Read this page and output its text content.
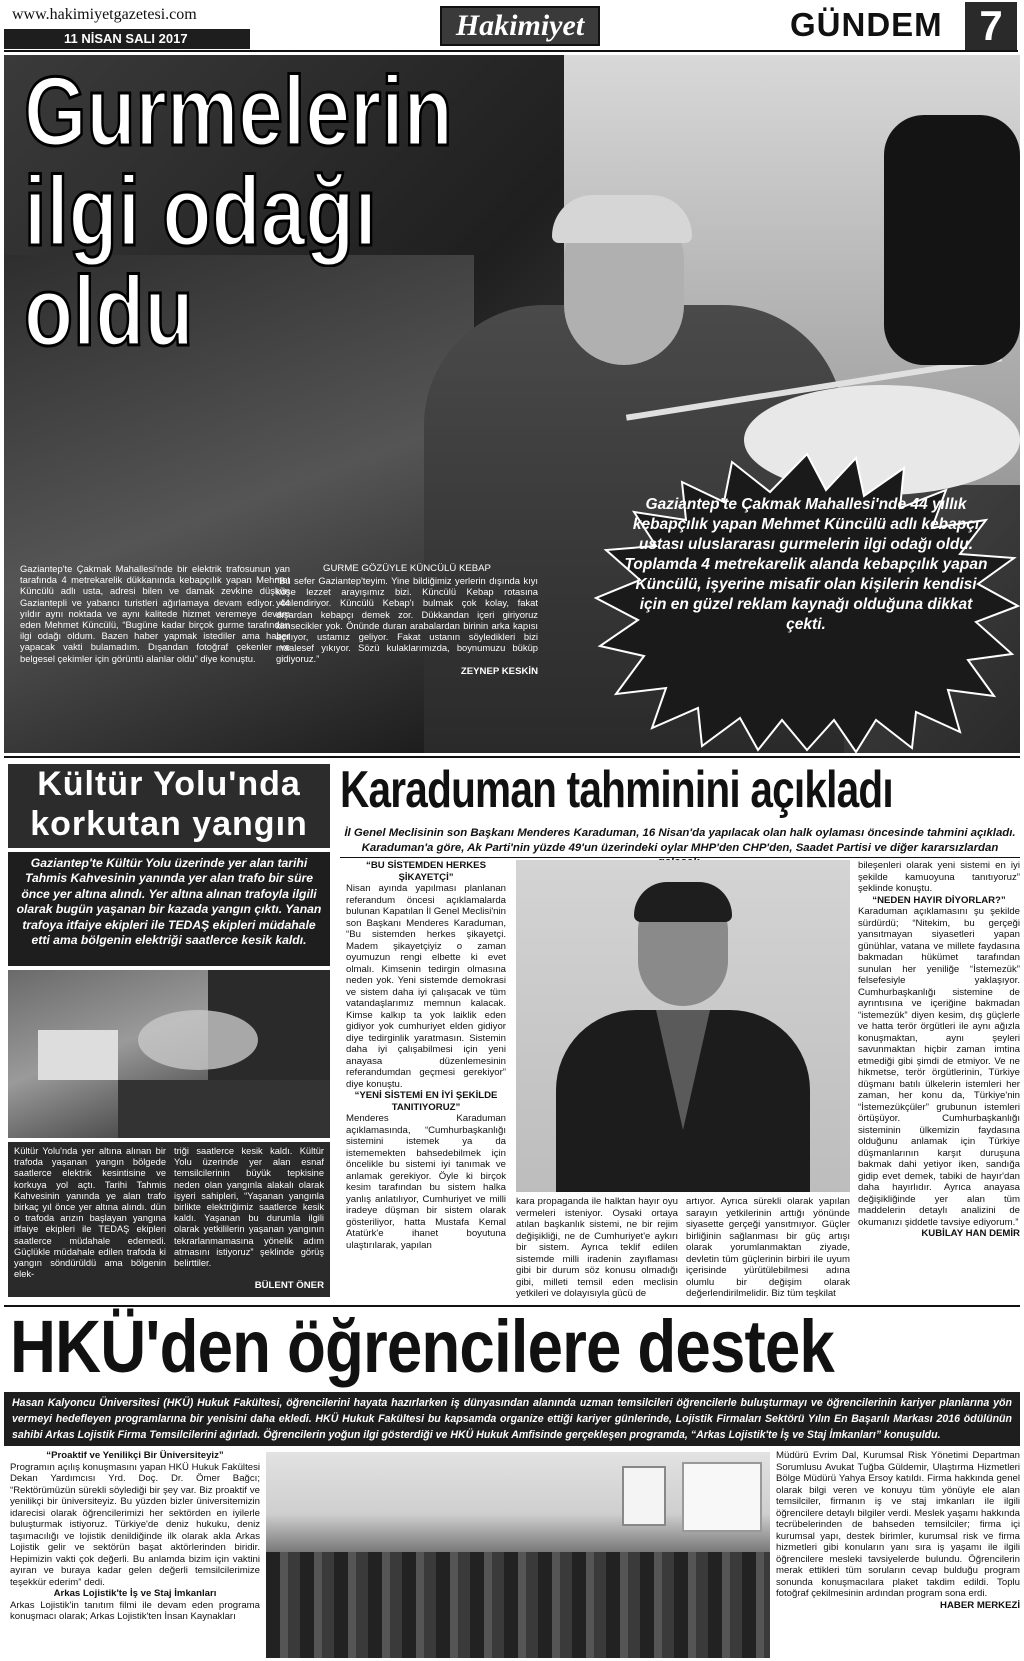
www.hakimiyetgazetesi.com
11 NİSAN SALI 2017	Hakimiyet	GÜNDEM 7
Gurmelerin
ilgi odağı
oldu
Gaziantep'te Çakmak Mahallesi'nde 44 yıllık kebapçılık yapan Mehmet Küncülü adlı kebapçı ustası uluslararası gurmelerin ilgi odağı oldu. Toplamda 4 metrekarelik alanda kebapçılık yapan Küncülü, işyerine misafir olan kişilerin kendisi için en güzel reklam kaynağı olduğuna dikkat çekti.
Gaziantep'te Çakmak Mahallesi'nde bir elektrik trafosunun yan tarafında 4 metrekarelik dükkanında kebapçılık yapan Mehmet Küncülü adlı usta, adresi bilen ve damak zevkine düşkün Gaziantepli ve yabancı turistleri ağırlamaya devam ediyor. 44 yıldır aynı noktada ve aynı kalitede hizmet veremeye devam eden Mehmet Küncülü, “Bugüne kadar birçok gurme tarafından ilgi odağı oldum. Bazen haber yapmak istediler ama haber yapacak vakti bulamadım. Dışandan fotoğraf çekenler ve belgesel çekimler için görüntü alanlar oldu” diye konuştu.
GURME GÖZÜYLE KÜNCÜLÜ KEBAP
“Bu sefer Gaziantep'teyim. Yine bildiğimiz yerlerin dışında kıyı köşe lezzet arayışımız bizi. Küncülü Kebap rotasına yönlendiriyor. Küncülü Kebap'ı bulmak çok kolay, fakat dışardan kebapçı demek zor. Dükkandan içeri giriyoruz kimsecikler yok. Önünde duran arabalardan birinin arka kapısı açılıyor, ustamız geliyor. Fakat ustanın söyledikleri bizi maalesef yıkıyor. Sözü kulaklarımızda, boynumuzu büküp gidiyoruz.”
ZEYNEP KESKİN
Kültür Yolu'nda
korkutan yangın
Gaziantep'te Kültür Yolu üzerinde yer alan tarihi Tahmis Kahvesinin yanında yer alan trafo bir süre önce yer altına alındı. Yer altına alınan trafoyla ilgili olarak bugün yaşanan bir kazada yangın çıktı. Yanan trafoya itfaiye ekipleri ile TEDAŞ ekipleri müdahale etti ama bölgenin elektriği saatlerce kesik kaldı.
Kültür Yolu'nda yer altına alınan bir trafoda yaşanan yangın bölgede saatlerce elektrik kesintisine ve korkuya yol açtı. Tarihi Tahmis Kahvesinin yanında ye alan trafo birkaç yıl önce yer altına alındı. dün o trafoda arızın başlayan yangına itfaiye ekipleri ile TEDAŞ ekipleri saatlerce müdahale edemedi. Güçlükle müdahale edilen trafoda ki yangın söndürüldü ama bölgenin elek-
triği saatlerce kesik kaldı. Kültür Yolu üzerinde yer alan esnaf temsilcilerinin büyük tepkisine neden olan yangınla alakalı olarak işyeri sahipleri, “Yaşanan yangınla birlikte elektriğimiz saatlerce kesik kaldı. Yaşanan bu durumla ilgili olarak yetkililerin yaşanan yangının tekrarlanmamasına yönelik adım atmasını istiyoruz” şeklinde görüş belirttiler.
BÜLENT ÖNER
Karaduman tahminini açıkladı
İl Genel Meclisinin son Başkanı Menderes Karaduman, 16 Nisan'da yapılacak olan halk oylaması öncesinde tahmini açıkladı. Karaduman'a göre, Ak Parti'nin yüzde 49'un üzerindeki oylar MHP'den CHP'den, Saadet Partisi ve diğer kararsızlardan
“BU SİSTEMDEN HERKES ŞİKAYETÇİ”
Nisan ayında yapılması planlanan referandum öncesi açıklamalarda bulunan Kapatılan İl Genel Meclisi'nin son Başkanı Menderes Karaduman, “Bu sistemden herkes şikayetçi. Madem şikayetçiyiz o zaman oyumuzun rengi elbette ki evet olmalı. Kimsenin tedirgin olmasına neden yok. Yeni sistemde demokrasi ve sistem daha iyi çalışacak ve tüm vatandaşlarımız memnun kalacak. Kimse kalkıp ta yok laiklik eden gidiyor yok cumhuriyet elden gidiyor diye tedirginlik yaratmasın. Sistemin daha iyi çalışabilmesi için yeni anayasa düzenlemesinin referandumdan geçmesi gerekiyor” diye konuştu.
“YENİ SİSTEMİ EN İYİ ŞEKİLDE TANITIYORUZ”
Menderes Karaduman açıklamasında, “Cumhurbaşkanlığı sistemini istemek ya da istememekten bahsedebilmek için öncelikle bu sistemi iyi tanımak ve anlamak gerekiyor. Öyle ki birçok kesim tarafından bu sistem halka yanlış anlatılıyor, Cumhuriyet ve milli iradeye düşman bir sistem olarak gösteriliyor, hatta Mustafa Kemal Atatürk'e ihanet boyutuna ulaştırılarak, yapılan
kara propaganda ile halktan hayır oyu vermeleri isteniyor. Oysaki ortaya atılan başkanlık sistemi, ne bir rejim değişikliği, ne de Cumhuriyet'e aykırı bir sistem. Ayrıca teklif edilen sistemde milli iradenin zayıflaması gibi bir durum söz konusu olmadığı gibi, milleti temsil eden meclisin yetkileri ve dolayısıyla gücü de
artıyor. Ayrıca sürekli olarak yapılan sarayın yetkilerinin arttığı yönünde siyasette gerçeği yansıtmıyor. Güçler birliğinin sağlanması bir güç artışı olarak yorumlanmaktan ziyade, devletin tüm güçlerinin birbiri ile uyum içerisinde yürütülebilmesi adına olumlu bir değişim olarak değerlendirilmelidir. Biz tüm teşkilat
bileşenleri olarak yeni sistemi en iyi şekilde kamuoyuna tanıtıyoruz” şeklinde konuştu.
“NEDEN HAYIR DİYORLAR?”
Karaduman açıklamasını şu şekilde sürdürdü; “Nitekim, bu gerçeği yansıtmayan siyasetleri yapan günühlar, vatana ve millete faydasına bakmadan hükümet tarafından sunulan her yeniliğe “İstemezük” felsefesiyle yaklaşıyor. Cumhurbaşkanlığı sistemine de ayrıntısına ve içeriğine bakmadan “istemezük” diyen kesim, dış güçlerle ve hatta terör örgütleri ile aynı ağızla konuşmaktan, aynı şeyleri savunmaktan hiçbir zaman imtina etmediği gibi şimdi de etmiyor. Ve ne hikmetse, terör örgütlerinin, Türkiye düşmanı batılı ülkelerin istemleri her zaman, her konu da, Türkiye'nin “İstemezükçüler” grubunun istemleri örtüşüyor. Cumhurbaşkanlığı sisteminin ülkemizin faydasına olduğunu anlamak için Türkiye düşmanlarının karşıt duruşuna bakmak dahi yetiyor iken, sandığa gidip evet demek, tabiki de hayır'dan daha hayırlıdır. Ayrıca anayasa değişikliğinde yer alan tüm maddelerin detaylı analizini de okumanızı şiddetle tavsiye ediyorum.”
KUBİLAY HAN DEMİR
HKÜ'den öğrencilere destek
Hasan Kalyoncu Üniversitesi (HKÜ) Hukuk Fakültesi, öğrencilerini hayata hazırlarken iş dünyasından alanında uzman temsilcileri öğrencilerle buluşturmayı ve öğrencilerinin kariyer planlarına yön vermeyi hedefleyen programlarına bir yenisini daha ekledi. HKÜ Hukuk Fakültesi bu kapsamda organize ettiği kariyer günlerinde, Lojistik Firmaları Sektörü Yılın En Başarılı Markası 2016 ödülünün sahibi Arkas Lojistik Firma Temsilcilerini ağırladı. Öğrencilerin yoğun ilgi gösterdiği ve HKÜ Hukuk Amfisinde gerçekleşen programda, “Arkas Lojistik'te İş ve Staj İmkanları” konuşuldu.
“Proaktif ve Yenilikçi Bir Üniversiteyiz”
Programın açılış konuşmasını yapan HKÜ Hukuk Fakültesi Dekan Yardımcısı Yrd. Doç. Dr. Ömer Bağcı; “Rektörümüzün sürekli söylediği bir şey var. Biz proaktif ve yenilikçi bir üniversiteyiz. Bu yüzden bizler üniversitemizin idarecisi olarak öğrencilerimizi her sektörden en iyilerle buluşturmak istiyoruz. Türkiye'de deniz hukuku, deniz taşımacılığı ve lojistik denildiğinde ilk olarak akla Arkas Lojistik gelir ve sektörün başat aktörlerinden biridir. Hepimizin vakti çok değerli. Bu anlamda bizim için vaktini ayıran ve buraya kadar gelen değerli temsilcilerimize teşekkür ederim” dedi.
Arkas Lojistik'te İş ve Staj İmkanları
Arkas Lojistik'in tanıtım filmi ile devam eden programa konuşmacı olarak; Arkas Lojistik'ten İnsan Kaynakları
Müdürü Evrim Dal, Kurumsal Risk Yönetimi Departman Sorumlusu Avukat Tuğba Güldemir, Ulaştırma Hizmetleri Bölge Müdürü Yahya Ersoy katıldı. Firma hakkında genel olarak bilgi veren ve konuyu tüm yönüyle ele alan temsilciler, firmanın iş ve staj imkanları ile ilgili öğrencilere detaylı bilgiler verdi. Meslek yaşamı hakkında tecrübelerinden de bahseden temsilciler; firma içi kurumsal yapı, destek birimler, kurumsal risk ve firma hizmetleri gibi konuların yanı sıra iş yaşamı ile ilgili öğrencilere mesleki tavsiyelerde bulundu. Öğrencilerin merak ettikleri tüm soruların cevap bulduğu program sonunda konuşmacılara plaket takdim edildi. Toplu fotoğraf çekilmesinin ardından program sona erdi.
HABER MERKEZİ
